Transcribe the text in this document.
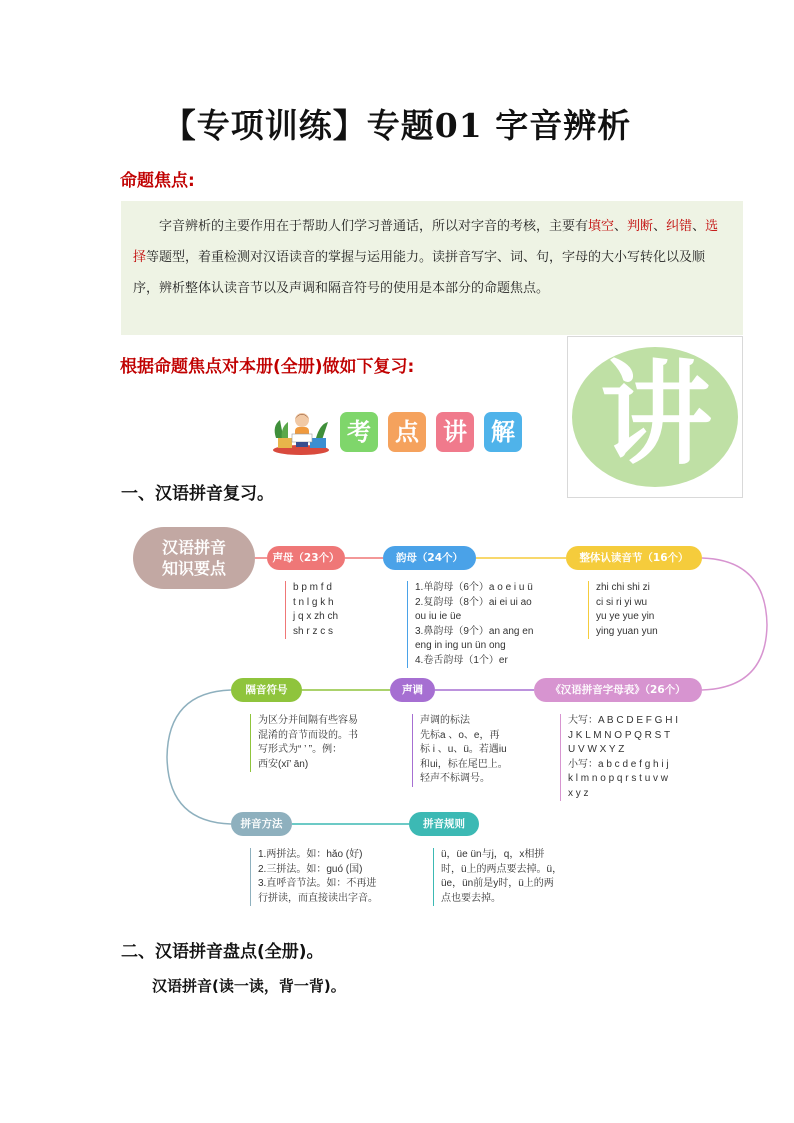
【专项训练】专题01 字音辨析
命题焦点:
字音辨析的主要作用在于帮助人们学习普通话，所以对字音的考核，主要有填空、判断、纠错、选择等题型，着重检测对汉语读音的掌握与运用能力。读拼音写字、词、句，字母的大小写转化以及顺序，辨析整体认读音节以及声调和隔音符号的使用是本部分的命题焦点。
根据命题焦点对本册(全册)做如下复习: 讲
考 点 讲 解
一、汉语拼音复习。
汉语拼音
知识要点
声母（23个）
b p m f d
t n l g k h
j q x zh ch
sh r z c s
韵母（24个）
1.单韵母（6个）a o e i u ü
2.复韵母（8个）ai ei ui ao
ou iu ie üe
3.鼻韵母（9个）an ang en
eng in ing un ün ong
4.卷舌韵母（1个）er
整体认读音节（16个）
zhi chi shi zi
ci si ri yi wu
yu ye yue yin
ying yuan yun
《汉语拼音字母表》（26个）
大写：A B C D E F G H I
J K L M N O P Q R S T
U V W X Y Z
小写：a b c d e f g h i j
k l m n o p q r s t u v w
x y z
声调
声调的标法
先标a 、o、e，再
标 i 、u、ü。若遇iu
和ui，标在尾巴上。
轻声不标调号。
隔音符号
为区分并间隔有些容易
混淆的音节而设的。书
写形式为“ ’ ”。例：
西安(xī’ ān)
拼音方法
1.两拼法。如：hǎo (好)
2.三拼法。如：guó (国)
3.直呼音节法。如：不再进
行拼读，而直接读出字音。
拼音规则
ü，üe ün与j，q，x相拼
时，ü上的两点要去掉。ü，
üe，ün前是y时，ü上的两
点也要去掉。
二、汉语拼音盘点(全册)。
汉语拼音(读一读，背一背)。
